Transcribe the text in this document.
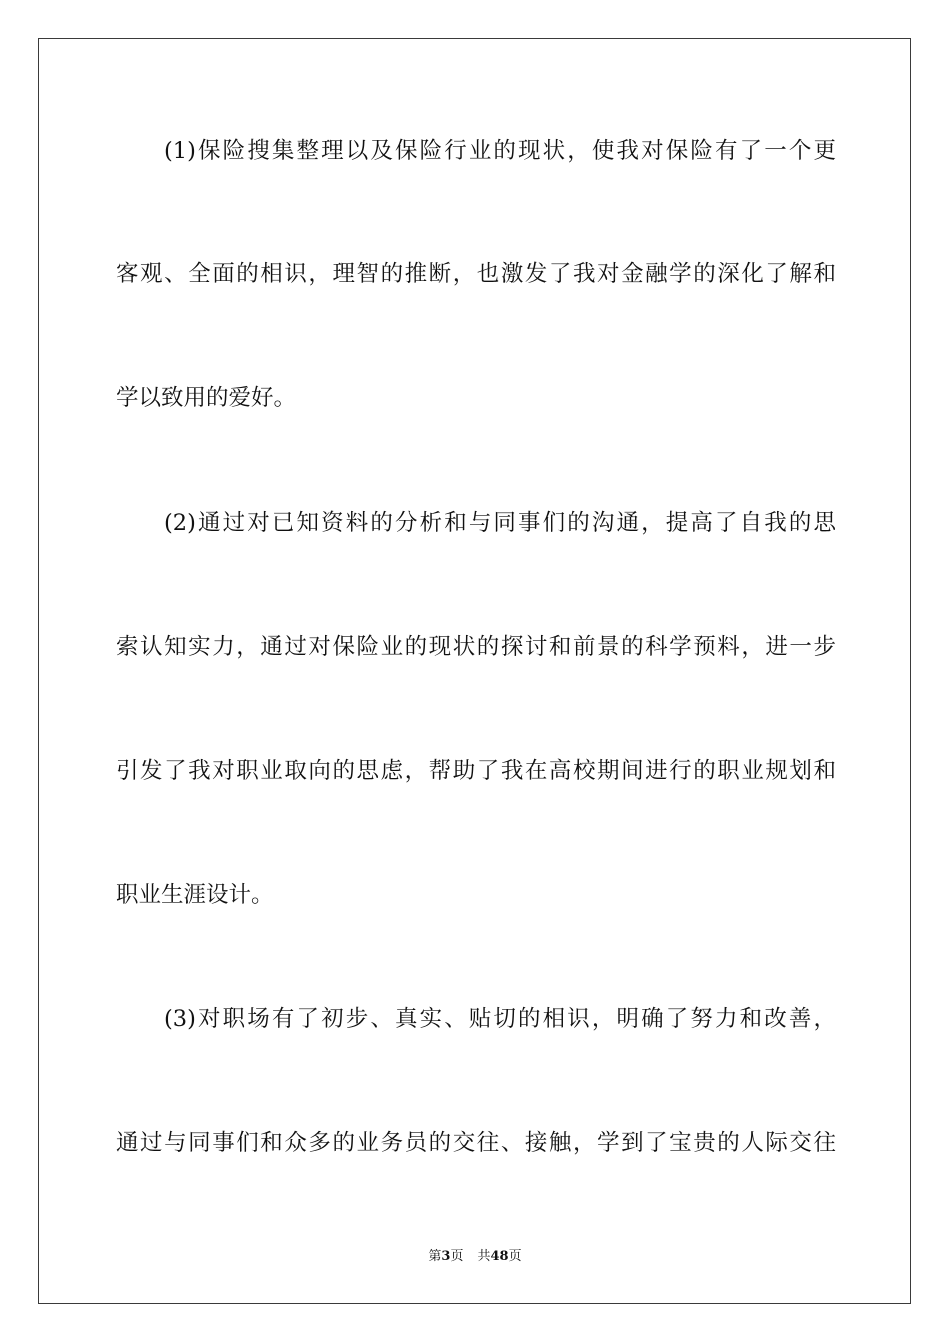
(1)保险搜集整理以及保险行业的现状，使我对保险有了一个更
客观、全面的相识，理智的推断，也激发了我对金融学的深化了解和
学以致用的爱好。
(2)通过对已知资料的分析和与同事们的沟通，提高了自我的思
索认知实力，通过对保险业的现状的探讨和前景的科学预料，进一步
引发了我对职业取向的思虑，帮助了我在高校期间进行的职业规划和
职业生涯设计。
(3)对职场有了初步、真实、贴切的相识，明确了努力和改善，
通过与同事们和众多的业务员的交往、接触，学到了宝贵的人际交往
第3页 共48页
